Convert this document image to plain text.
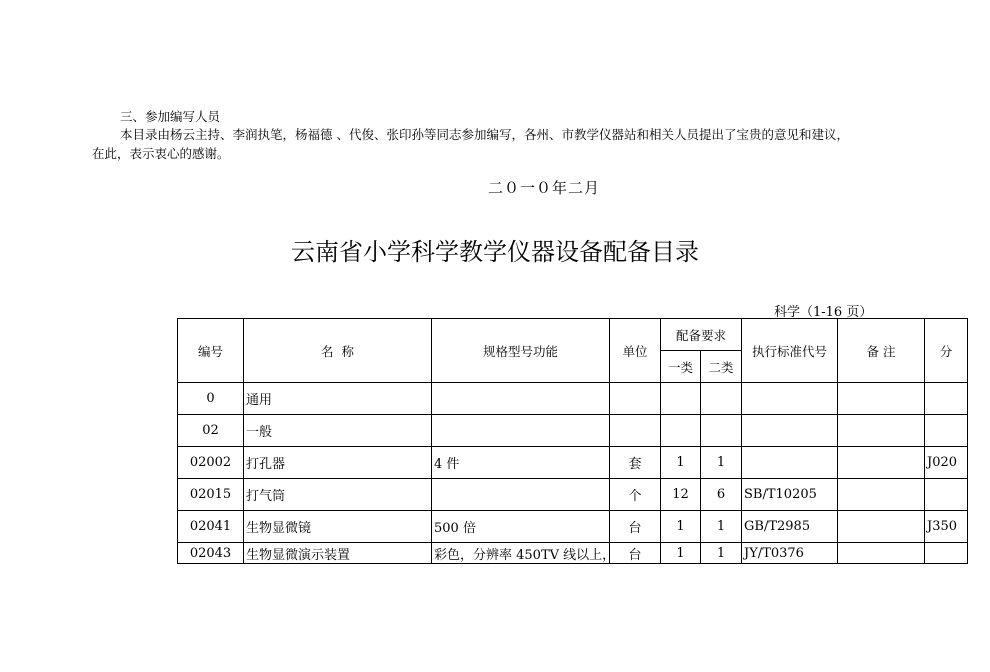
三、参加编写人员
本目录由杨云主持、李润执笔，杨福德 、代俊、张印孙等同志参加编写，各州、市教学仪器站和相关人员提出了宝贵的意见和建议，
在此，表示衷心的感谢。
二０一０年二月
云南省小学科学教学仪器设备配备目录
科学（1-16 页）
编号	名  称	规格型号功能	单位	配备要求		执行标准代号	备 注	分
				一类	二类			
0	通用							
02	一般							
02002	打孔器	4 件	套	1	1			J020
02015	打气筒		个	12	6	SB/T10205		
02041	生物显微镜	500 倍	台	1	1	GB/T2985		J350
02043	生物显微演示装置	彩色，分辨率 450TV 线以上，	台	1	1	JY/T0376		
